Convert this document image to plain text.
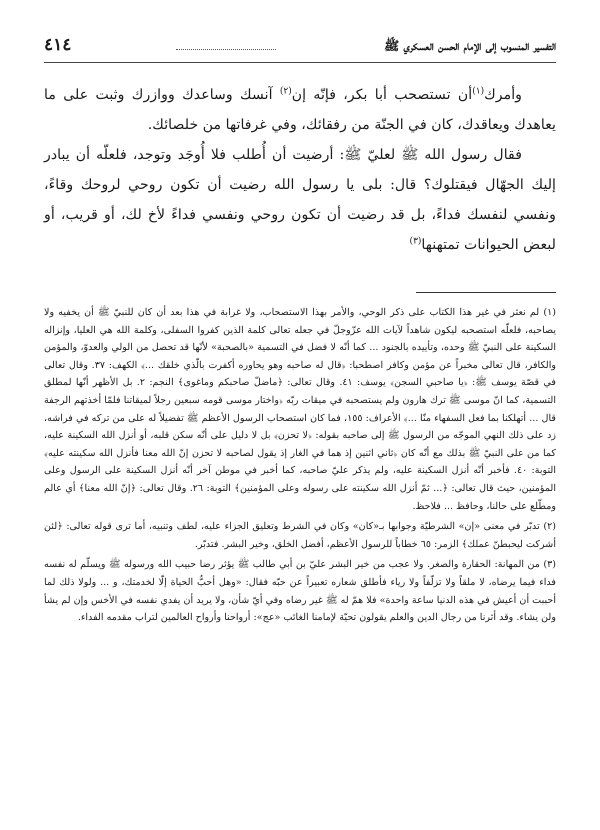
التفسير المنسوب إلى الإمام الحسن العسكري ﷺ
٤١٤

وأمرك$^{(١)}$أن تستصحب أبا بكر، فإنّه إن$^{(٢)}$ آنسك وساعدك ووازرك وثبت على ما يعاهدك ويعاقدك، كان في الجنّة من رفقائك، وفي غرفاتها من خلصائك.

فقال رسول الله ﷺ لعليّ ﷺ: أرضيت أن أُطلب فلا أُوجَد وتوجد، فلعلّه أن يبادر إليك الجهّال فيقتلوك؟ قال: بلى يا رسول الله رضيت أن تكون روحي لروحك وقاءً، ونفسي لنفسك فداءً، بل قد رضيت أن تكون روحي ونفسي فداءً لأخ لك، أو قريب، أو لبعض الحيوانات تمتهنها$^{(٣)}$

(١) لم نعثر في غير هذا الكتاب على ذكر الوحي، والأمر بهذا الاستصحاب، ولا غرابة في هذا بعد أن كان للنبيّ ﷺ أن يخفيه ولا يصاحبه، فلعلّه استصحبه ليكون شاهداً لآيات الله عزّوجلّ في جعله تعالى كلمة الذين كفروا السفلى، وكلمة الله هي العليا، وإنزاله السكينة على النبيّ ﷺ وحده، وتأييده بالجنود ... كما أنّه لا فضل في التسمية «بالصحبة» لأنّها قد تحصل من الولي والعدوّ، والمؤمن والكافر، قال تعالى مخبراً عن مؤمن وكافر اصطحبا: ﴿قال له صاحبه وهو يحاوره أكفرت بالّذي خلقك ...﴾ الكهف: ٣٧. وقال تعالى في قصّة يوسف ﷺ: ﴿يا صاحبي السجن﴾ يوسف: ٤١. وقال تعالى: ﴿ماضلّ صاحبكم وماغوى﴾ النجم: ٢. بل الأظهر أنّها لمطلق التسمية، كما انّ موسى ﷺ ترك هارون ولم يستصحبه في ميقات ربّه ﴿واختار موسى قومه سبعين رجلاً لميقاتنا فلمّا أخذتهم الرجفة قال ... أتهلكنا بما فعل السفهاء منّا ...﴾ الأعراف: ١٥٥، فما كان استصحاب الرسول الأعظم ﷺ تفضيلاً له على من تركه في فراشه، زد على ذلك النهي الموجّه من الرسول ﷺ إلى صاحبه بقوله: ﴿لا تحزن﴾ بل لا دليل على أنّه سكن قلبه، أو أنزل الله السكينة عليه، كما من على النبيّ ﷺ بذلك مع أنّه كان ﴿ثاني اثنين إذ هما في الغار إذ يقول لصاحبه لا تحزن إنّ الله معنا فأنزل الله سكينته عليه﴾ التوبة: ٤٠. فأخبر أنّه أنزل السكينة عليه، ولم يذكر عليّ صاحبه، كما أخبر في موطن آخر أنّه أنزل السكينة على الرسول وعلى المؤمنين، حيث قال تعالى: ﴿... ثمّ أنزل الله سكينته على رسوله وعلى المؤمنين﴾ التوبة: ٢٦. وقال تعالى: ﴿إنّ الله معنا﴾ أي عالم ومطّلع على حالنا، وحافظ ... فلاحظ.

(٢) تدبّر في معنى «إن» الشرطيّة وجوابها بـ«كان» وكان في الشرط وتعليق الجزاء عليه، لطف وتنبيه، أما ترى قوله تعالى: ﴿لئن أشركت ليحبطنّ عملك﴾ الزمر: ٦٥ خطاباً للرسول الأعظم، أفضل الخلق، وخير البشر. فتدبّر.

(٣) من المهانة: الحقارة والصغر. ولا عجب من خير البشر عليّ بن أبي طالب ﷺ يؤثر رضا حبيب الله ورسوله ﷺ ويسلّم له نفسه فداء فيما يرضاه، لا ملقاً ولا تزلّفاً ولا رياء فأطلق شعاره تعبيراً عن حبّه فقال: «وهل أحبُّ الحياة إلّا لخدمتك، و ... ولولا ذلك لما أحببت أن أعيش في هذه الدنيا ساعة واحدة» فلا همّ له ﷺ غير رضاه وفي أيّ شأن، ولا يريد أن يفدي نفسه في الأخس وإن لم يشأ ولن يشاء. وقد أثرنا من رجال الدين والعلم يقولون تحيّة لإمامنا الغائب «عج»: أرواحنا وأرواح العالمين لتراب مقدمه الفداء.
